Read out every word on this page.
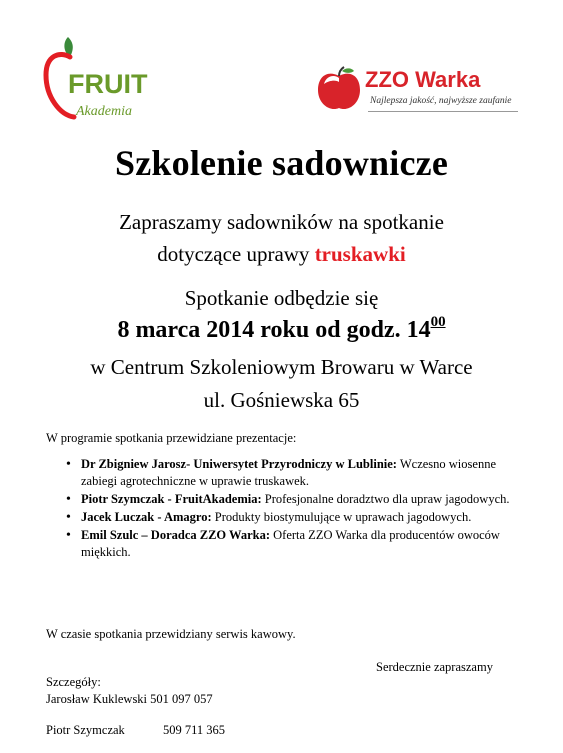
FRUIT
Akademia
ZZO Warka
Najlepsza jakość, najwyższe zaufanie
Szkolenie sadownicze
Zapraszamy sadowników na spotkanie
dotyczące uprawy truskawki
Spotkanie odbędzie się
8 marca 2014 roku od godz. $14^{00}$
w Centrum Szkoleniowym Browaru w Warce
ul. Gośniewska 65
W programie spotkania przewidziane prezentacje:
• Dr Zbigniew Jarosz- Uniwersytet Przyrodniczy w Lublinie: Wczesno wiosenne zabiegi agrotechniczne w uprawie truskawek.
• Piotr Szymczak - FruitAkademia: Profesjonalne doradztwo dla upraw jagodowych.
• Jacek Luczak - Amagro: Produkty biostymulujące w uprawach jagodowych.
• Emil Szulc – Doradca ZZO Warka: Oferta ZZO Warka dla producentów owoców miękkich.
W czasie spotkania przewidziany serwis kawowy.
Serdecznie zapraszamy
Szczegóły:
Jarosław Kuklewski 501 097 057
Piotr Szymczak	509 711 365
